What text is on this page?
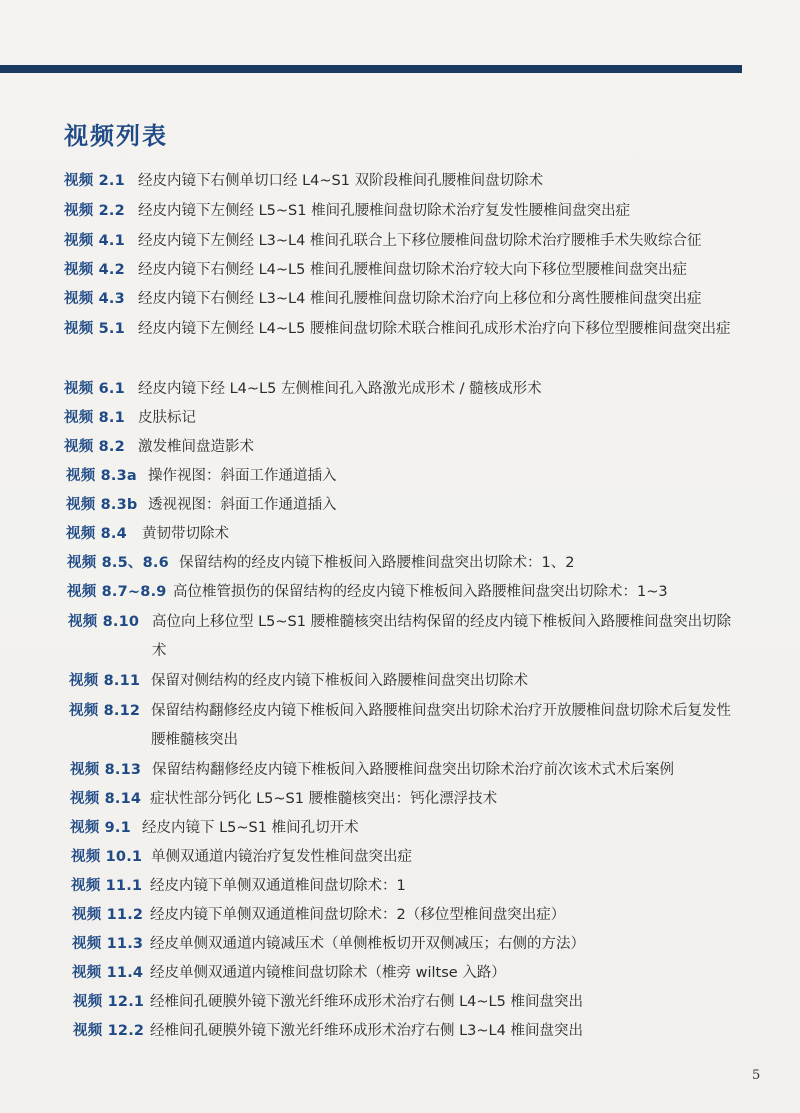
视频列表
视频 2.1 经皮内镜下右侧单切口经 L4~S1 双阶段椎间孔腰椎间盘切除术
视频 2.2 经皮内镜下左侧经 L5~S1 椎间孔腰椎间盘切除术治疗复发性腰椎间盘突出症
视频 4.1 经皮内镜下左侧经 L3~L4 椎间孔联合上下移位腰椎间盘切除术治疗腰椎手术失败综合征
视频 4.2 经皮内镜下右侧经 L4~L5 椎间孔腰椎间盘切除术治疗较大向下移位型腰椎间盘突出症
视频 4.3 经皮内镜下右侧经 L3~L4 椎间孔腰椎间盘切除术治疗向上移位和分离性腰椎间盘突出症
视频 5.1 经皮内镜下左侧经 L4~L5 腰椎间盘切除术联合椎间孔成形术治疗向下移位型腰椎间盘突出症
视频 6.1 经皮内镜下经 L4~L5 左侧椎间孔入路激光成形术 / 髓核成形术
视频 8.1 皮肤标记
视频 8.2 激发椎间盘造影术
视频 8.3a 操作视图：斜面工作通道插入
视频 8.3b 透视视图：斜面工作通道插入
视频 8.4	黄韧带切除术
视频 8.5、8.6 保留结构的经皮内镜下椎板间入路腰椎间盘突出切除术：1、2
视频 8.7~8.9 高位椎管损伤的保留结构的经皮内镜下椎板间入路腰椎间盘突出切除术：1~3
视频 8.10 高位向上移位型 L5~S1 腰椎髓核突出结构保留的经皮内镜下椎板间入路腰椎间盘突出切除术
视频 8.11 保留对侧结构的经皮内镜下椎板间入路腰椎间盘突出切除术
视频 8.12 保留结构翻修经皮内镜下椎板间入路腰椎间盘突出切除术治疗开放腰椎间盘切除术后复发性腰椎髓核突出
视频 8.13 保留结构翻修经皮内镜下椎板间入路腰椎间盘突出切除术治疗前次该术式术后案例
视频 8.14 症状性部分钙化 L5~S1 腰椎髓核突出：钙化漂浮技术
视频 9.1 经皮内镜下 L5~S1 椎间孔切开术
视频 10.1 单侧双通道内镜治疗复发性椎间盘突出症
视频 11.1 经皮内镜下单侧双通道椎间盘切除术：1
视频 11.2 经皮内镜下单侧双通道椎间盘切除术：2（移位型椎间盘突出症）
视频 11.3 经皮单侧双通道内镜减压术（单侧椎板切开双侧减压；右侧的方法）
视频 11.4 经皮单侧双通道内镜椎间盘切除术（椎旁 wiltse 入路）
视频 12.1 经椎间孔硬膜外镜下激光纤维环成形术治疗右侧 L4~L5 椎间盘突出
视频 12.2 经椎间孔硬膜外镜下激光纤维环成形术治疗右侧 L3~L4 椎间盘突出
5
